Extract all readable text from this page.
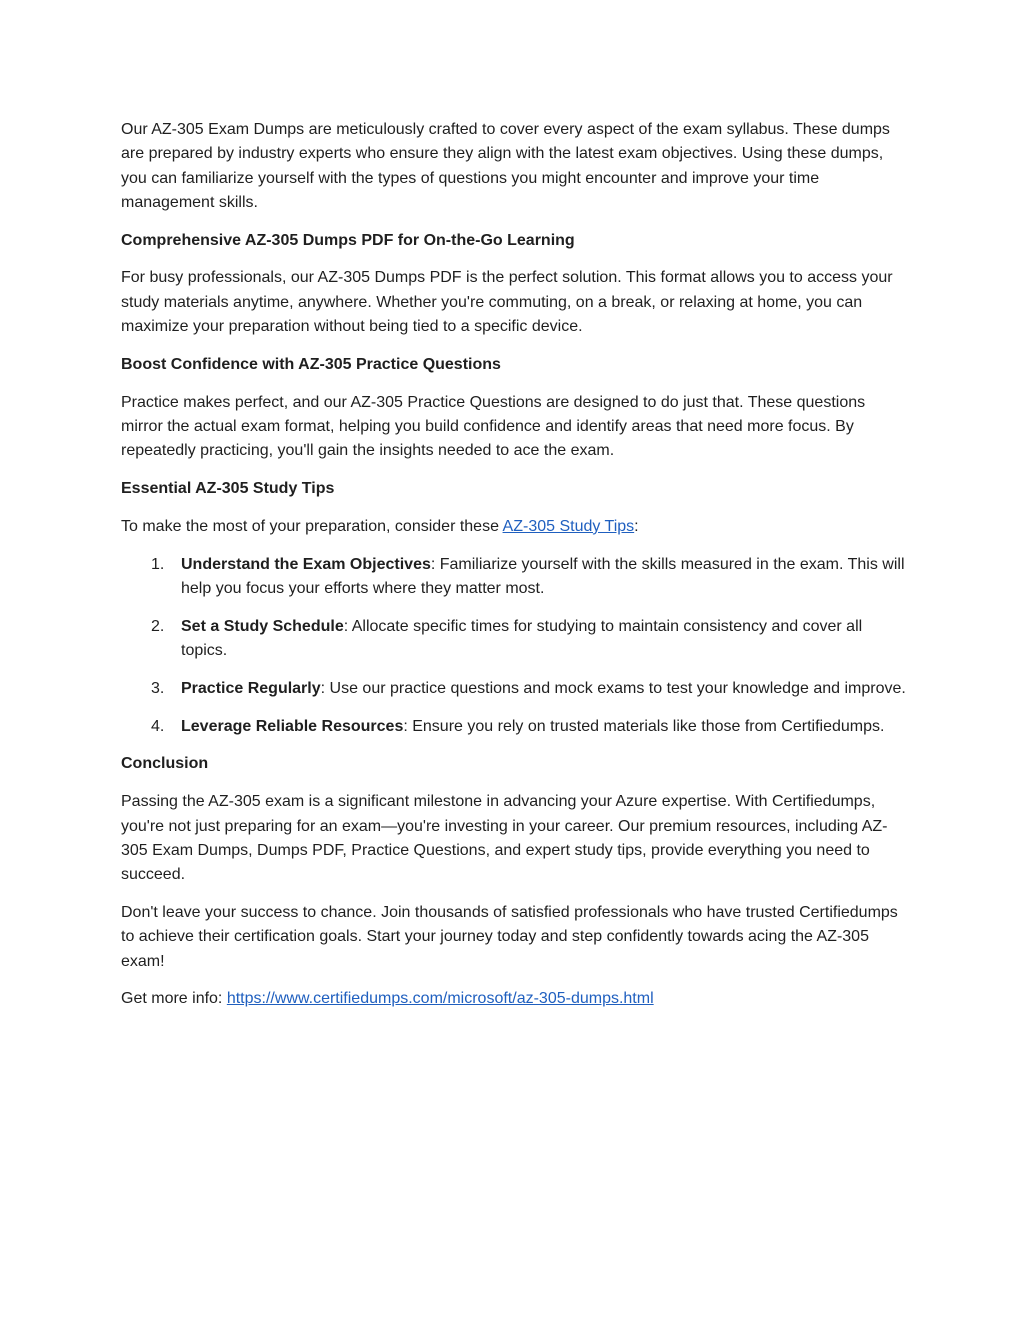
Our AZ-305 Exam Dumps are meticulously crafted to cover every aspect of the exam syllabus. These dumps are prepared by industry experts who ensure they align with the latest exam objectives. Using these dumps, you can familiarize yourself with the types of questions you might encounter and improve your time management skills.

Comprehensive AZ-305 Dumps PDF for On-the-Go Learning

For busy professionals, our AZ-305 Dumps PDF is the perfect solution. This format allows you to access your study materials anytime, anywhere. Whether you're commuting, on a break, or relaxing at home, you can maximize your preparation without being tied to a specific device.

Boost Confidence with AZ-305 Practice Questions

Practice makes perfect, and our AZ-305 Practice Questions are designed to do just that. These questions mirror the actual exam format, helping you build confidence and identify areas that need more focus. By repeatedly practicing, you'll gain the insights needed to ace the exam.

Essential AZ-305 Study Tips

To make the most of your preparation, consider these AZ-305 Study Tips:

1. Understand the Exam Objectives: Familiarize yourself with the skills measured in the exam. This will help you focus your efforts where they matter most.
2. Set a Study Schedule: Allocate specific times for studying to maintain consistency and cover all topics.
3. Practice Regularly: Use our practice questions and mock exams to test your knowledge and improve.
4. Leverage Reliable Resources: Ensure you rely on trusted materials like those from Certifiedumps.

Conclusion

Passing the AZ-305 exam is a significant milestone in advancing your Azure expertise. With Certifiedumps, you're not just preparing for an exam—you're investing in your career. Our premium resources, including AZ-305 Exam Dumps, Dumps PDF, Practice Questions, and expert study tips, provide everything you need to succeed.

Don't leave your success to chance. Join thousands of satisfied professionals who have trusted Certifiedumps to achieve their certification goals. Start your journey today and step confidently towards acing the AZ-305 exam!

Get more info: https://www.certifiedumps.com/microsoft/az-305-dumps.html
